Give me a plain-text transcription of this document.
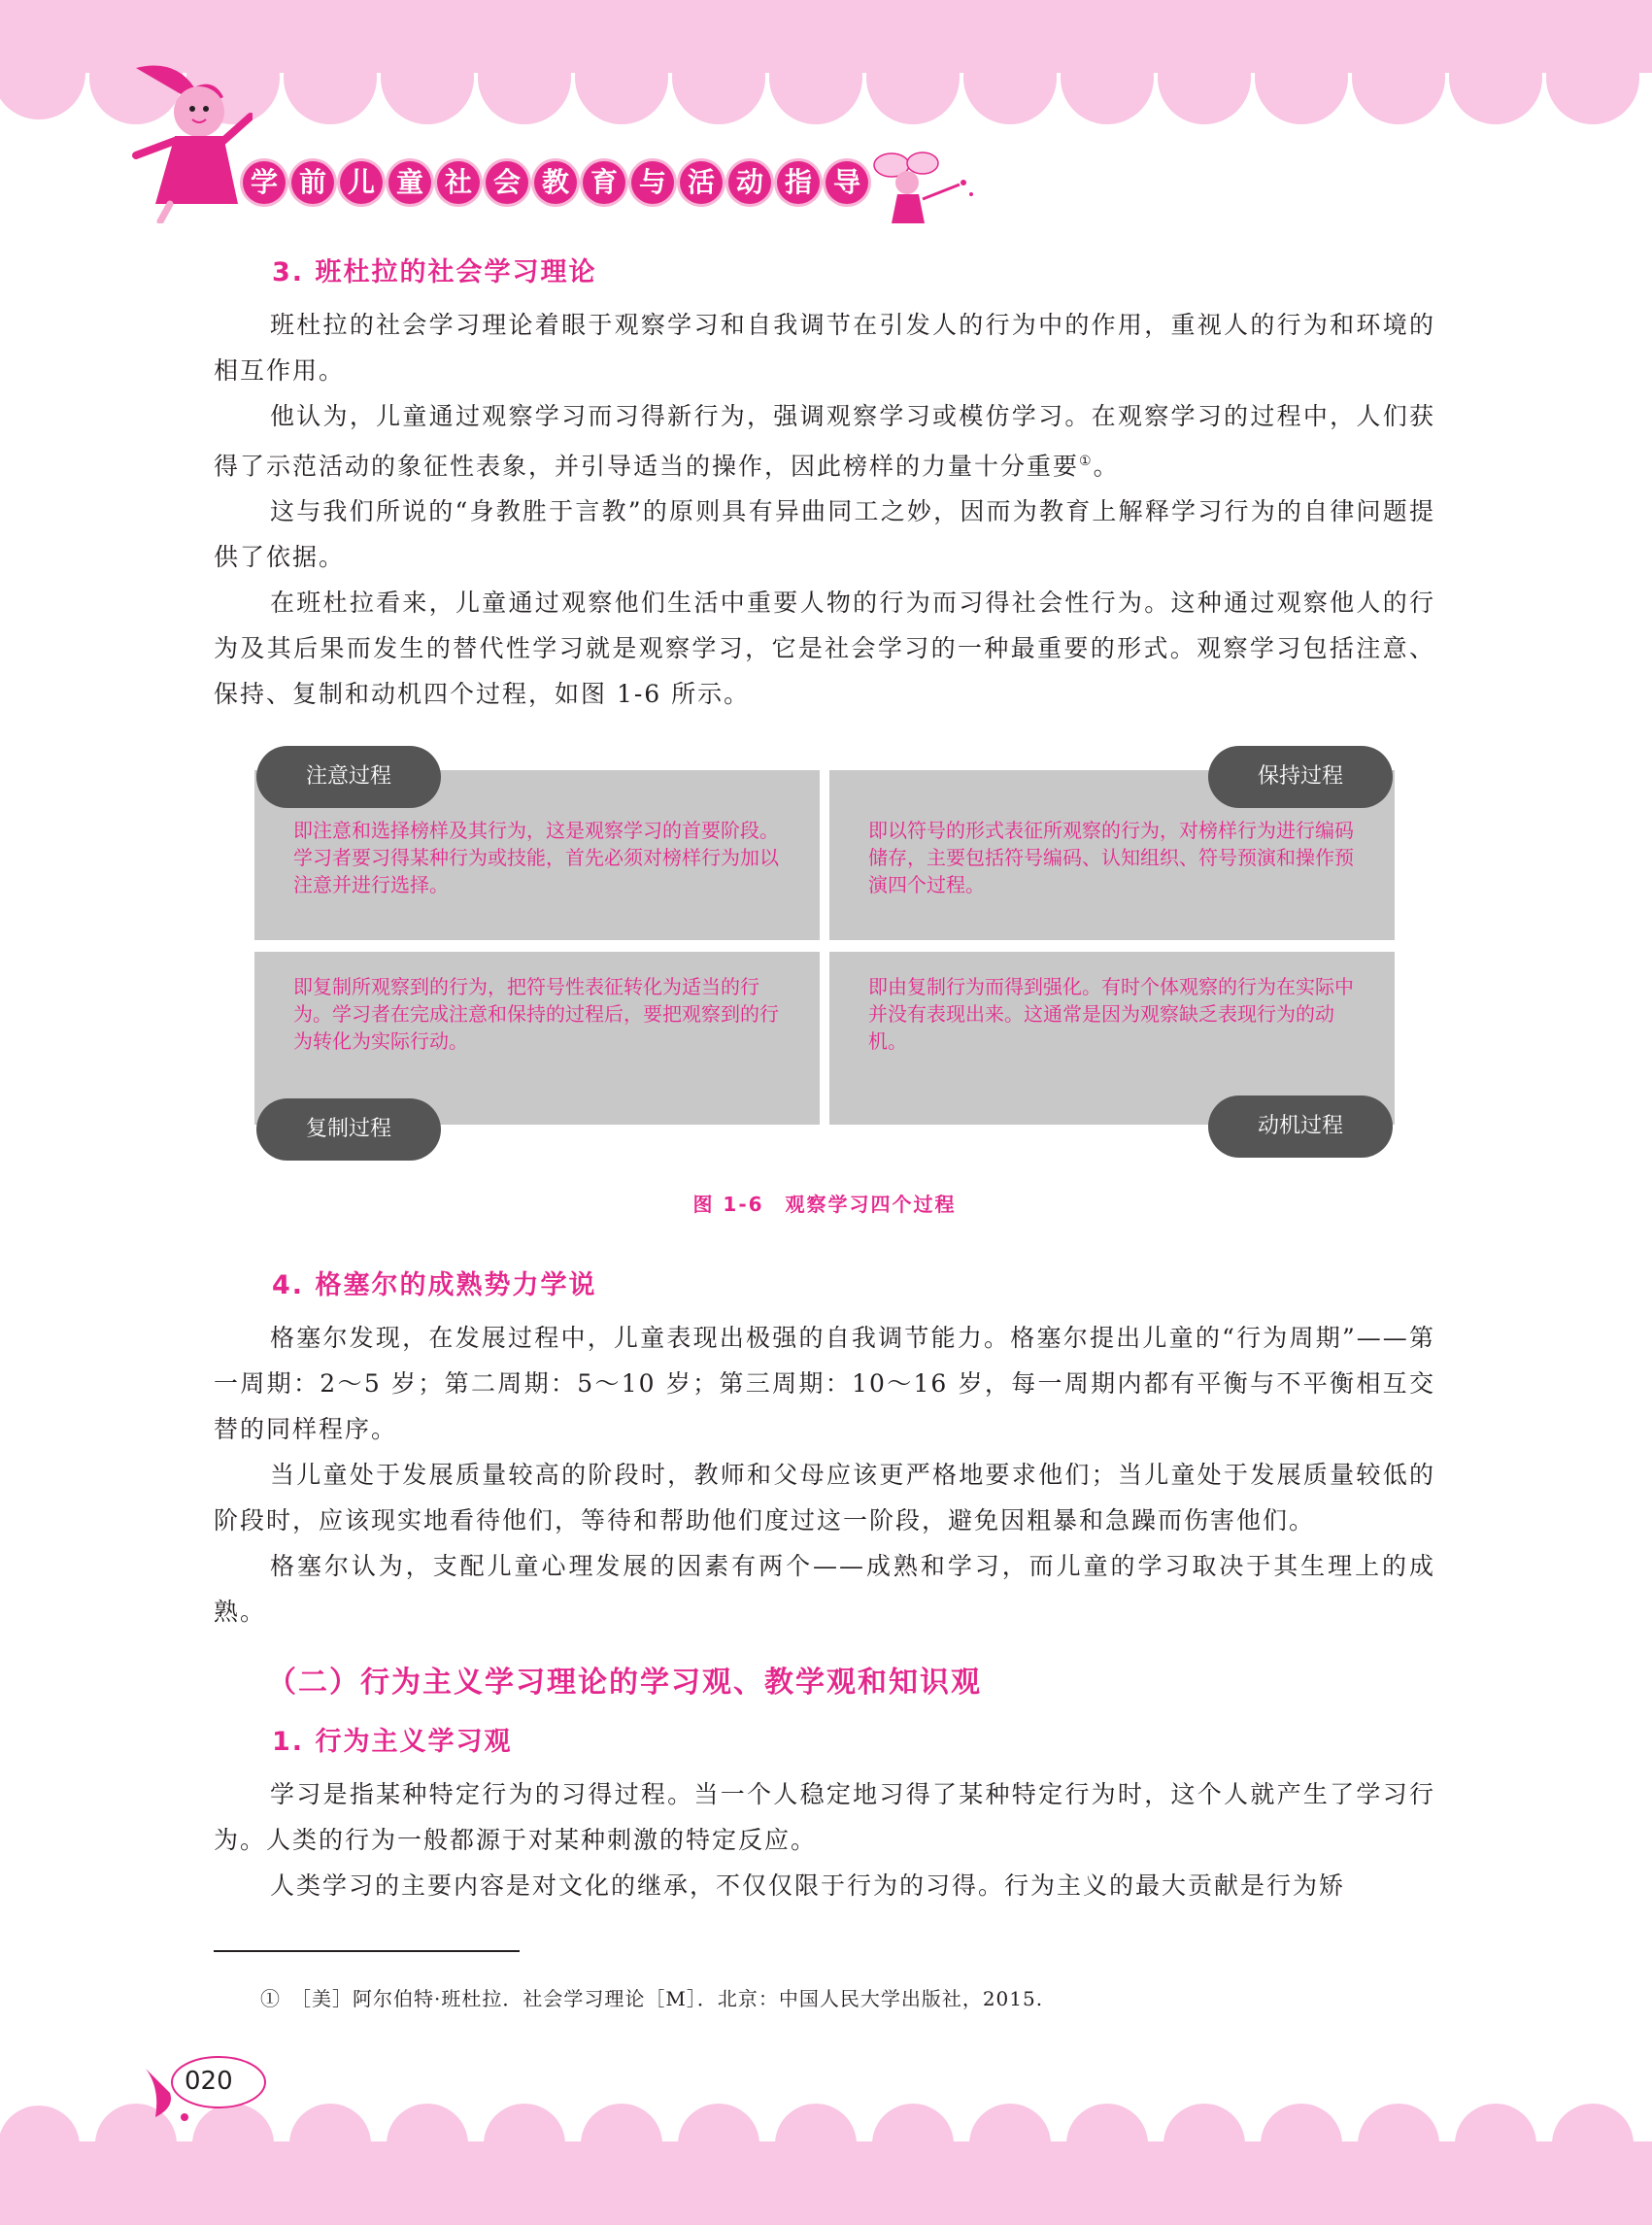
学 前 儿 童 社 会 教 育 与 活 动 指 导
3. 班杜拉的社会学习理论

班杜拉的社会学习理论着眼于观察学习和自我调节在引发人的行为中的作用，重视人的行为和环境的相互作用。

他认为，儿童通过观察学习而习得新行为，强调观察学习或模仿学习。在观察学习的过程中，人们获得了示范活动的象征性表象，并引导适当的操作，因此榜样的力量十分重要①。

这与我们所说的“身教胜于言教”的原则具有异曲同工之妙，因而为教育上解释学习行为的自律问题提供了依据。

在班杜拉看来，儿童通过观察他们生活中重要人物的行为而习得社会性行为。这种通过观察他人的行为及其后果而发生的替代性学习就是观察学习，它是社会学习的一种最重要的形式。观察学习包括注意、保持、复制和动机四个过程，如图 1-6 所示。

即注意和选择榜样及其行为，这是观察学习的首要阶段。学习者要习得某种行为或技能，首先必须对榜样行为加以注意并进行选择。
即以符号的形式表征所观察的行为，对榜样行为进行编码储存，主要包括符号编码、认知组织、符号预演和操作预演四个过程。
即复制所观察到的行为，把符号性表征转化为适当的行为。学习者在完成注意和保持的过程后，要把观察到的行为转化为实际行动。
即由复制行为而得到强化。有时个体观察的行为在实际中并没有表现出来。这通常是因为观察缺乏表现行为的动机。
注意过程	保持过程
复制过程	动机过程
图 1-6　观察学习四个过程
4. 格塞尔的成熟势力学说

格塞尔发现，在发展过程中，儿童表现出极强的自我调节能力。格塞尔提出儿童的“行为周期”——第一周期：2～5 岁；第二周期：5～10 岁；第三周期：10～16 岁，每一周期内都有平衡与不平衡相互交替的同样程序。

当儿童处于发展质量较高的阶段时，教师和父母应该更严格地要求他们；当儿童处于发展质量较低的阶段时，应该现实地看待他们，等待和帮助他们度过这一阶段，避免因粗暴和急躁而伤害他们。

格塞尔认为，支配儿童心理发展的因素有两个——成熟和学习，而儿童的学习取决于其生理上的成熟。

（二）行为主义学习理论的学习观、教学观和知识观
1. 行为主义学习观

学习是指某种特定行为的习得过程。当一个人稳定地习得了某种特定行为时，这个人就产生了学习行为。人类的行为一般都源于对某种刺激的特定反应。

人类学习的主要内容是对文化的继承，不仅仅限于行为的习得。行为主义的最大贡献是行为矫

①　［美］阿尔伯特·班杜拉．社会学习理论［M］．北京：中国人民大学出版社，2015.
020
